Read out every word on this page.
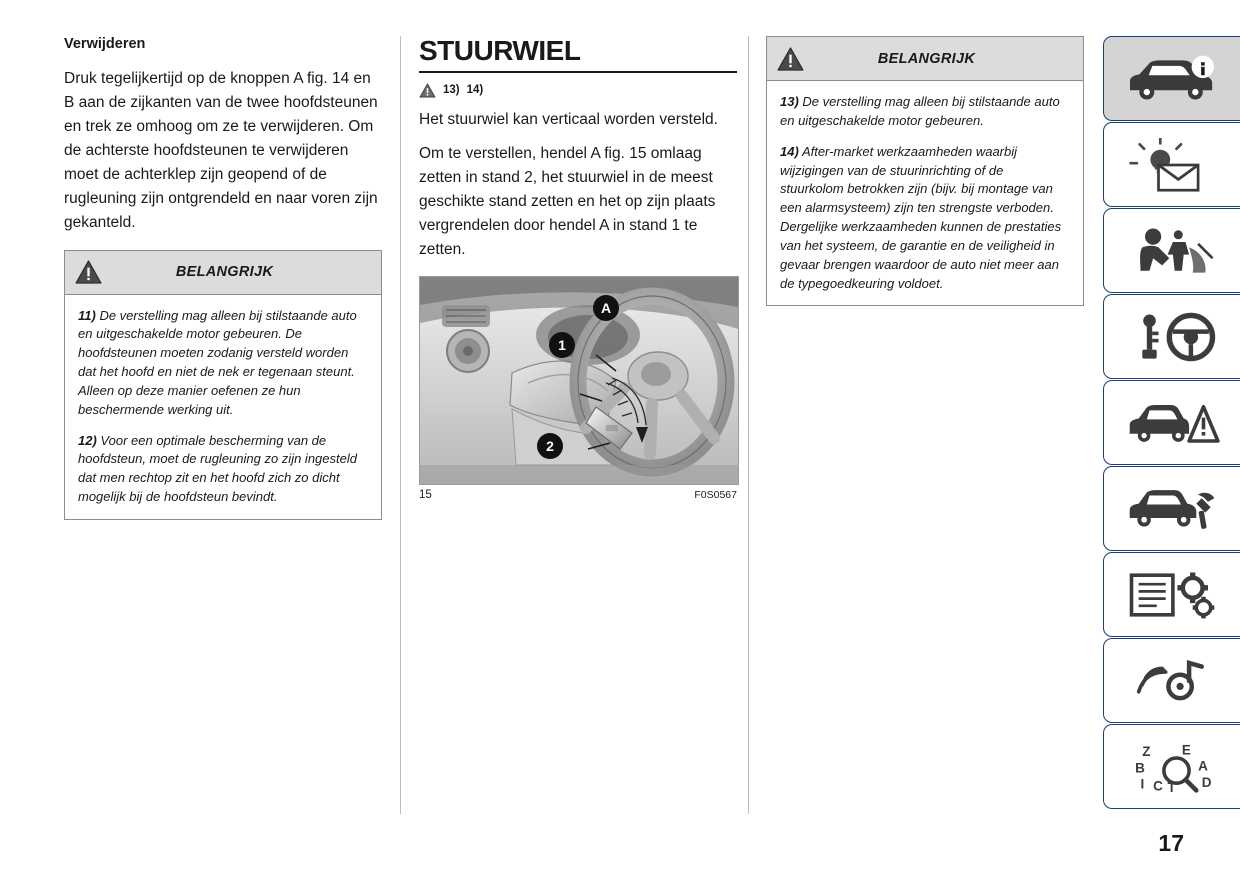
Verwijderen

Druk tegelijkertijd op de knoppen A fig. 14 en B aan de zijkanten van de twee hoofdsteunen en trek ze omhoog om ze te verwijderen. Om de achterste hoofdsteunen te verwijderen moet de achterklep zijn geopend of de rugleuning zijn ontgrendeld en naar voren zijn gekanteld.

BELANGRIJK

11) De verstelling mag alleen bij stilstaande auto en uitgeschakelde motor gebeuren. De hoofdsteunen moeten zodanig versteld worden dat het hoofd en niet de nek er tegenaan steunt. Alleen op deze manier oefenen ze hun beschermende werking uit.

12) Voor een optimale bescherming van de hoofdsteun, moet de rugleuning zo zijn ingesteld dat men rechtop zit en het hoofd zich zo dicht mogelijk bij de hoofdsteun bevindt.

STUURWIEL
13) 14)

Het stuurwiel kan verticaal worden versteld.

Om te verstellen, hendel A fig. 15 omlaag zetten in stand 2, het stuurwiel in de meest geschikte stand zetten en het op zijn plaats vergrendelen door hendel A in stand 1 te zetten.

A
1
2
15	F0S0567
BELANGRIJK

13) De verstelling mag alleen bij stilstaande auto en uitgeschakelde motor gebeuren.

14) After-market werkzaamheden waarbij wijzigingen van de stuurinrichting of de stuurkolom betrokken zijn (bijv. bij montage van een alarmsysteem) zijn ten strengste verboden. Dergelijke werkzaamheden kunnen de prestaties van het systeem, de garantie en de veiligheid in gevaar brengen waardoor de auto niet meer aan de typegoedkeuring voldoet.

Z E
B	A
I C T D
17
